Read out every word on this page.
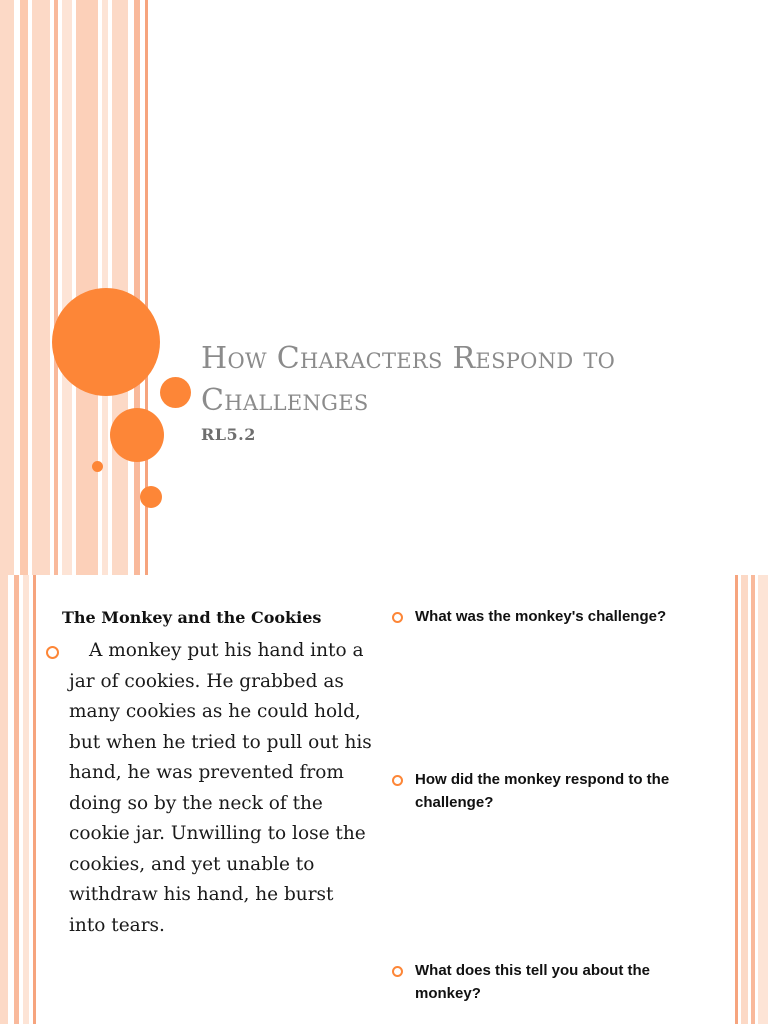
How Characters Respond to Challenges
RL5.2
The Monkey and the Cookies
A monkey put his hand into a jar of cookies. He grabbed as many cookies as he could hold, but when he tried to pull out his hand, he was prevented from doing so by the neck of the cookie jar. Unwilling to lose the cookies, and yet unable to withdraw his hand, he burst into tears.
What was the monkey's challenge?
How did the monkey respond to the challenge?
What does this tell you about the monkey?
